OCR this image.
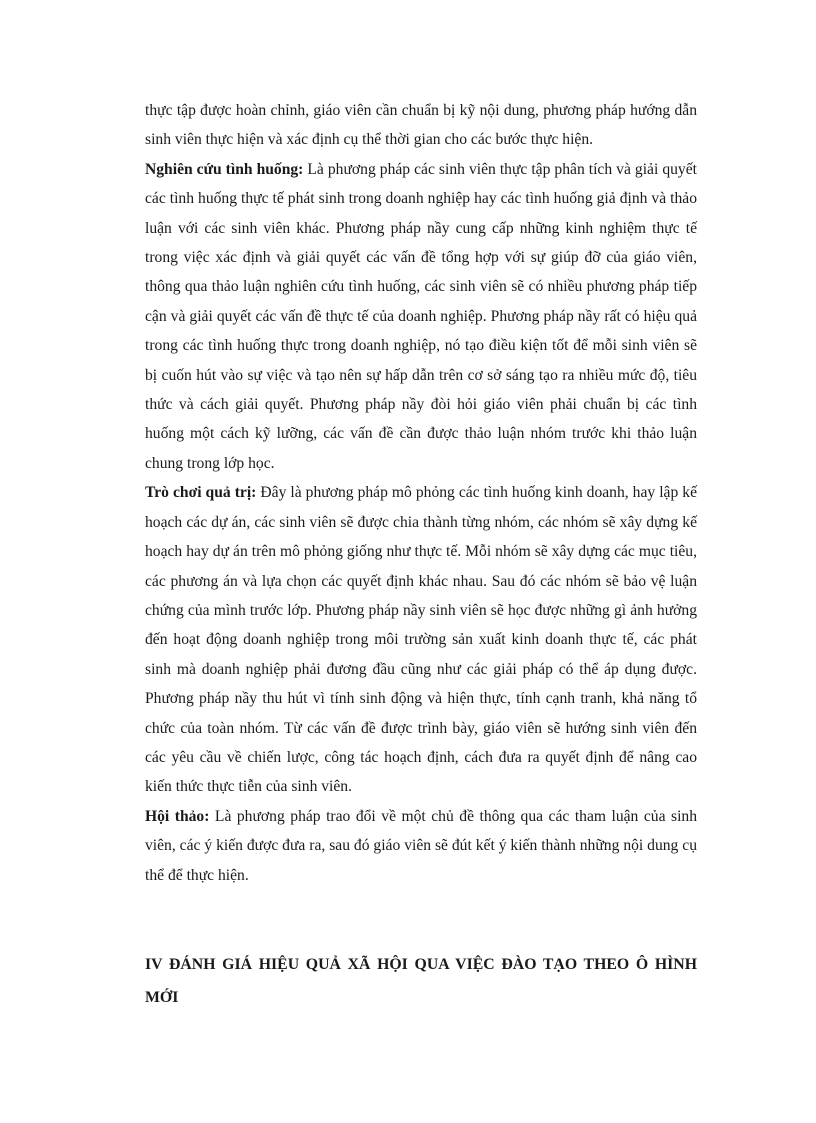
thực tập được hoàn chỉnh, giáo viên cần chuẩn bị kỹ nội dung, phương pháp hướng dẫn sinh viên thực hiện và xác định cụ thể thời gian cho các bước thực hiện.

Nghiên cứu tình huống: Là phương pháp các sinh viên thực tập phân tích và giải quyết các tình huống thực tế phát sinh trong doanh nghiệp hay các tình huống giả định và thảo luận với các sinh viên khác. Phương pháp nầy cung cấp những kinh nghiệm thực tế trong việc xác định và giải quyết các vấn đề tổng hợp với sự giúp đỡ của giáo viên, thông qua thảo luận nghiên cứu tình huống, các sinh viên sẽ có nhiều phương pháp tiếp cận và giải quyết các vấn đề thực tế của doanh nghiệp. Phương pháp nầy rất có hiệu quả trong các tình huống thực trong doanh nghiệp, nó tạo điều kiện tốt để mỗi sinh viên sẽ bị cuốn hút vào sự việc và tạo nên sự hấp dẫn trên cơ sở sáng tạo ra nhiều mức độ, tiêu thức và cách giải quyết. Phương pháp nầy đòi hỏi giáo viên phải chuẩn bị các tình huống một cách kỹ lưỡng, các vấn đề cần được thảo luận nhóm trước khi thảo luận chung trong lớp học.

Trò chơi quả trị: Đây là phương pháp mô phỏng các tình huống kinh doanh, hay lập kế hoạch các dự án, các sinh viên sẽ được chia thành từng nhóm, các nhóm sẽ xây dựng kế hoạch hay dự án trên mô phỏng giống như thực tế. Mỗi nhóm sẽ xây dựng các mục tiêu, các phương án và lựa chọn các quyết định khác nhau. Sau đó các nhóm sẽ bảo vệ luận chứng của mình trước lớp. Phương pháp nầy sinh viên sẽ học được những gì ảnh hưởng đến hoạt động doanh nghiệp trong môi trường sản xuất kinh doanh thực tế, các phát sinh mà doanh nghiệp phải đương đầu cũng như các giải pháp có thể áp dụng được. Phương pháp nầy thu hút vì tính sinh động và hiện thực, tính cạnh tranh, khả năng tổ chức của toàn nhóm. Từ các vấn đề được trình bày, giáo viên sẽ hướng sinh viên đến các yêu cầu về chiến lược, công tác hoạch định, cách đưa ra quyết định để nâng cao kiến thức thực tiễn của sinh viên.

Hội thảo: Là phương pháp trao đổi về một chủ đề thông qua các tham luận của sinh viên, các ý kiến được đưa ra, sau đó giáo viên sẽ đút kết ý kiến thành những nội dung cụ thể để thực hiện.

IV ĐÁNH GIÁ HIỆU QUẢ XÃ HỘI QUA VIỆC ĐÀO TẠO THEO Ô HÌNH MỚI
